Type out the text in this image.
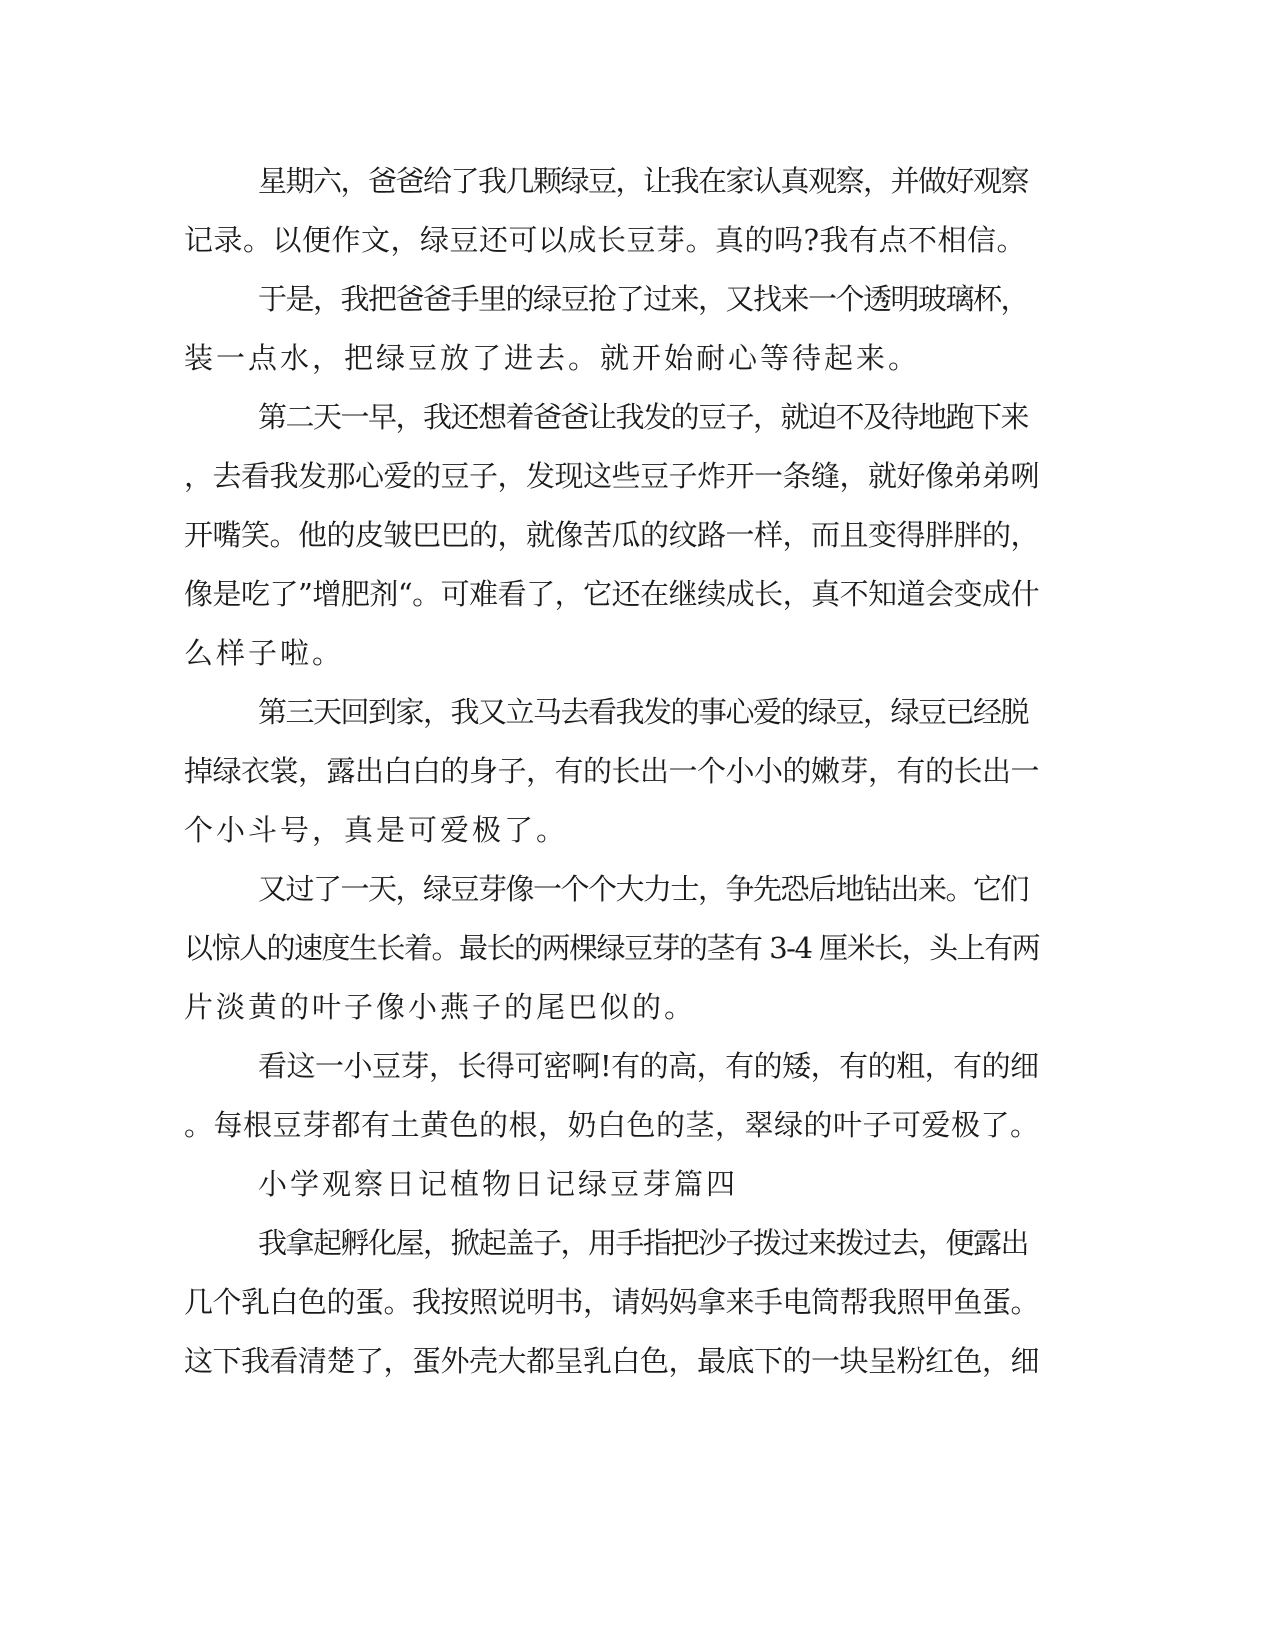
星期六，爸爸给了我几颗绿豆，让我在家认真观察，并做好观察
记录。以便作文，绿豆还可以成长豆芽。真的吗?我有点不相信。
于是，我把爸爸手里的绿豆抢了过来，又找来一个透明玻璃杯，
装一点水，把绿豆放了进去。就开始耐心等待起来。
第二天一早，我还想着爸爸让我发的豆子，就迫不及待地跑下来
，去看我发那心爱的豆子，发现这些豆子炸开一条缝，就好像弟弟咧
开嘴笑。他的皮皱巴巴的，就像苦瓜的纹路一样，而且变得胖胖的，
像是吃了”增肥剂“。可难看了，它还在继续成长，真不知道会变成什
么样子啦。
第三天回到家，我又立马去看我发的事心爱的绿豆，绿豆已经脱
掉绿衣裳，露出白白的身子，有的长出一个小小的嫩芽，有的长出一
个小斗号，真是可爱极了。
又过了一天，绿豆芽像一个个大力士，争先恐后地钻出来。它们
以惊人的速度生长着。最长的两棵绿豆芽的茎有 3-4 厘米长，头上有两
片淡黄的叶子像小燕子的尾巴似的。
看这一小豆芽，长得可密啊!有的高，有的矮，有的粗，有的细
。每根豆芽都有土黄色的根，奶白色的茎，翠绿的叶子可爱极了。
小学观察日记植物日记绿豆芽篇四
我拿起孵化屋，掀起盖子，用手指把沙子拨过来拨过去，便露出
几个乳白色的蛋。我按照说明书，请妈妈拿来手电筒帮我照甲鱼蛋。
这下我看清楚了，蛋外壳大都呈乳白色，最底下的一块呈粉红色，细
